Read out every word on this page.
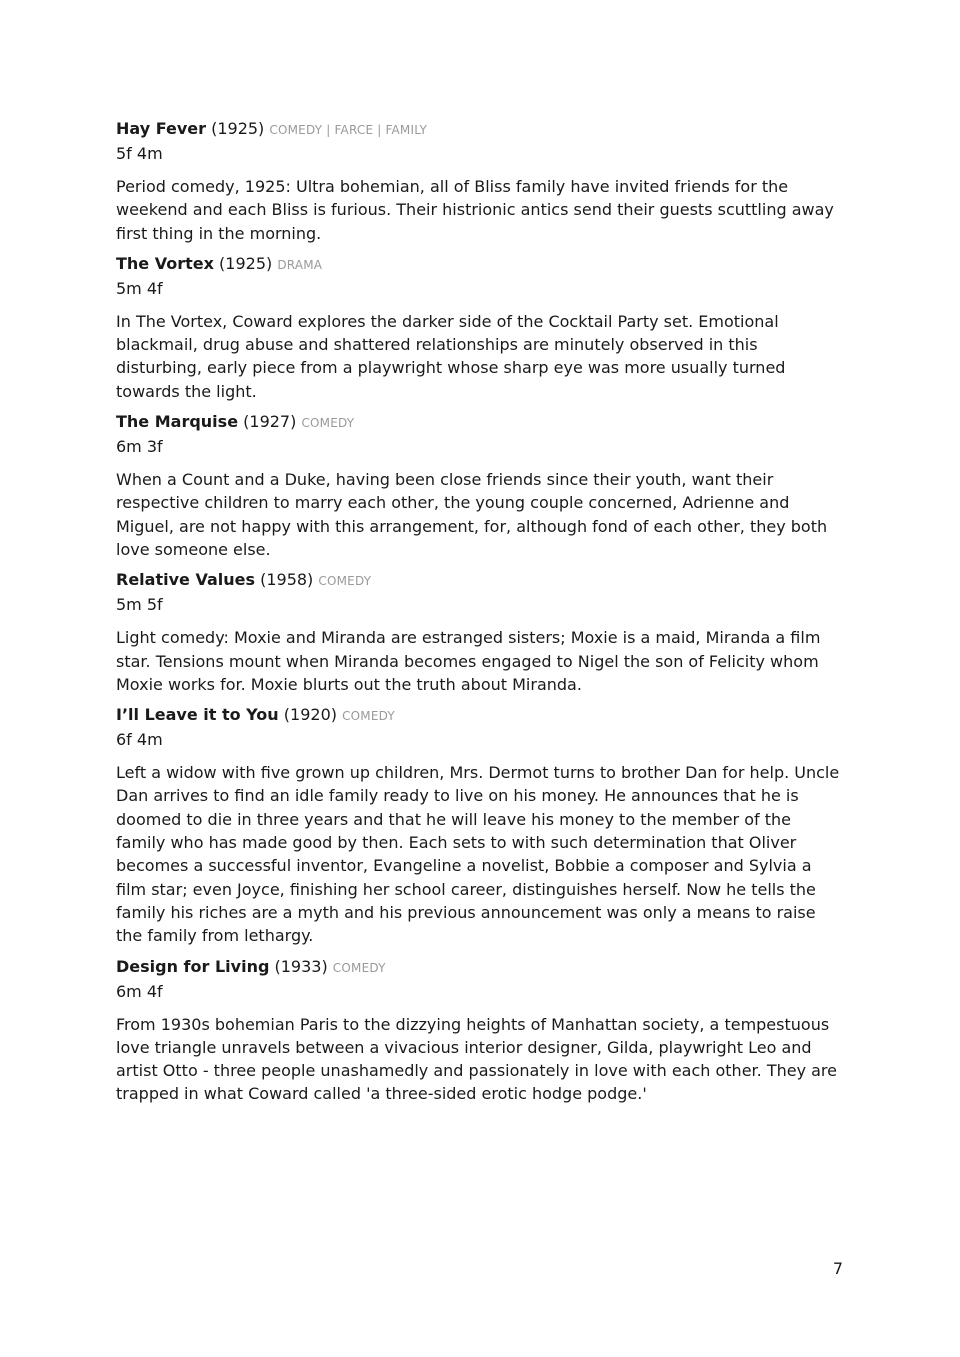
Hay Fever (1925) COMEDY | FARCE | FAMILY
5f 4m

Period comedy, 1925: Ultra bohemian, all of Bliss family have invited friends for the weekend and each Bliss is furious. Their histrionic antics send their guests scuttling away first thing in the morning.

The Vortex (1925) DRAMA
5m 4f

In The Vortex, Coward explores the darker side of the Cocktail Party set. Emotional blackmail, drug abuse and shattered relationships are minutely observed in this disturbing, early piece from a playwright whose sharp eye was more usually turned towards the light.

The Marquise (1927) COMEDY
6m 3f

When a Count and a Duke, having been close friends since their youth, want their respective children to marry each other, the young couple concerned, Adrienne and Miguel, are not happy with this arrangement, for, although fond of each other, they both love someone else.

Relative Values (1958) COMEDY
5m 5f

Light comedy: Moxie and Miranda are estranged sisters; Moxie is a maid, Miranda a film star. Tensions mount when Miranda becomes engaged to Nigel the son of Felicity whom Moxie works for. Moxie blurts out the truth about Miranda.

I’ll Leave it to You (1920) COMEDY
6f 4m

Left a widow with five grown up children, Mrs. Dermot turns to brother Dan for help. Uncle Dan arrives to find an idle family ready to live on his money. He announces that he is doomed to die in three years and that he will leave his money to the member of the family who has made good by then. Each sets to with such determination that Oliver becomes a successful inventor, Evangeline a novelist, Bobbie a composer and Sylvia a film star; even Joyce, finishing her school career, distinguishes herself. Now he tells the family his riches are a myth and his previous announcement was only a means to raise the family from lethargy.

Design for Living (1933) COMEDY
6m 4f

From 1930s bohemian Paris to the dizzying heights of Manhattan society, a tempestuous love triangle unravels between a vivacious interior designer, Gilda, playwright Leo and artist Otto - three people unashamedly and passionately in love with each other. They are trapped in what Coward called 'a three-sided erotic hodge podge.'

7
